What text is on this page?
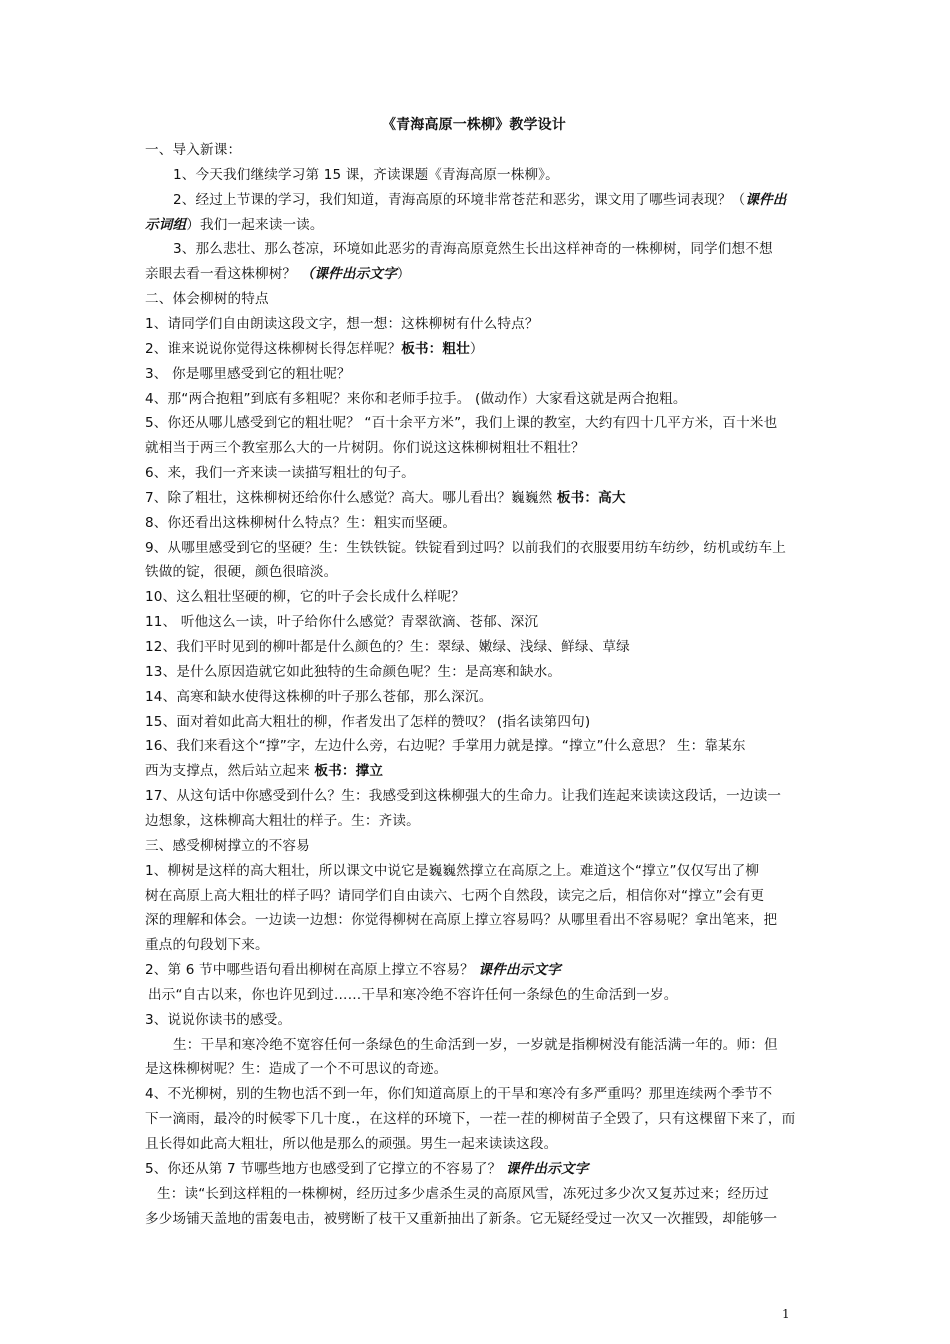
《青海高原一株柳》教学设计
一、导入新课：
1、今天我们继续学习第 15 课，齐读课题《青海高原一株柳》。
2、经过上节课的学习，我们知道，青海高原的环境非常苍茫和恶劣，课文用了哪些词表现？（课件出
示词组）我们一起来读一读。
3、那么悲壮、那么苍凉，环境如此恶劣的青海高原竟然生长出这样神奇的一株柳树，同学们想不想
亲眼去看一看这株柳树？ （课件出示文字）
二、体会柳树的特点
1、请同学们自由朗读这段文字，想一想：这株柳树有什么特点？
2、谁来说说你觉得这株柳树长得怎样呢？板书：粗壮）
3、 你是哪里感受到它的粗壮呢？
4、那“两合抱粗”到底有多粗呢？来你和老师手拉手。 (做动作）大家看这就是两合抱粗。
5、你还从哪儿感受到它的粗壮呢？ “百十余平方米”，我们上课的教室，大约有四十几平方米，百十米也
就相当于两三个教室那么大的一片树阴。你们说这这株柳树粗壮不粗壮？
6、来，我们一齐来读一读描写粗壮的句子。
7、除了粗壮，这株柳树还给你什么感觉？高大。哪儿看出？巍巍然 板书：高大
8、你还看出这株柳树什么特点？生：粗实而坚硬。
9、从哪里感受到它的坚硬？生：生铁铁锭。铁锭看到过吗？以前我们的衣服要用纺车纺纱，纺机或纺车上
铁做的锭，很硬，颜色很暗淡。
10、这么粗壮坚硬的柳，它的叶子会长成什么样呢？
11、 听他这么一读，叶子给你什么感觉？青翠欲滴、苍郁、深沉
12、我们平时见到的柳叶都是什么颜色的？生：翠绿、嫩绿、浅绿、鲜绿、草绿
13、是什么原因造就它如此独特的生命颜色呢？生：是高寒和缺水。
14、高寒和缺水使得这株柳的叶子那么苍郁，那么深沉。
15、面对着如此高大粗壮的柳，作者发出了怎样的赞叹？ (指名读第四句)
16、我们来看这个“撑”字，左边什么旁，右边呢？手掌用力就是撑。“撑立”什么意思？ 生：靠某东
西为支撑点，然后站立起来 板书：撑立
17、从这句话中你感受到什么？生：我感受到这株柳强大的生命力。让我们连起来读读这段话，一边读一
边想象，这株柳高大粗壮的样子。生：齐读。
三、感受柳树撑立的不容易
1、柳树是这样的高大粗壮，所以课文中说它是巍巍然撑立在高原之上。难道这个“撑立”仅仅写出了柳
树在高原上高大粗壮的样子吗？请同学们自由读六、七两个自然段，读完之后，相信你对“撑立”会有更
深的理解和体会。一边读一边想：你觉得柳树在高原上撑立容易吗？从哪里看出不容易呢？拿出笔来，把
重点的句段划下来。
2、第 6 节中哪些语句看出柳树在高原上撑立不容易？ 课件出示文字
出示“自古以来，你也许见到过……干旱和寒冷绝不容许任何一条绿色的生命活到一岁。
3、说说你读书的感受。
生：干旱和寒冷绝不宽容任何一条绿色的生命活到一岁，一岁就是指柳树没有能活满一年的。师：但
是这株柳树呢？生：造成了一个不可思议的奇迹。
4、不光柳树，别的生物也活不到一年，你们知道高原上的干旱和寒冷有多严重吗？那里连续两个季节不
下一滴雨，最冷的时候零下几十度.，在这样的环境下，一茬一茬的柳树苗子全毁了，只有这棵留下来了，而
且长得如此高大粗壮，所以他是那么的顽强。男生一起来读读这段。
5、你还从第 7 节哪些地方也感受到了它撑立的不容易了？ 课件出示文字
生：读“长到这样粗的一株柳树，经历过多少虐杀生灵的高原风雪，冻死过多少次又复苏过来；经历过
多少场铺天盖地的雷轰电击，被劈断了枝干又重新抽出了新条。它无疑经受过一次又一次摧毁，却能够一
1
